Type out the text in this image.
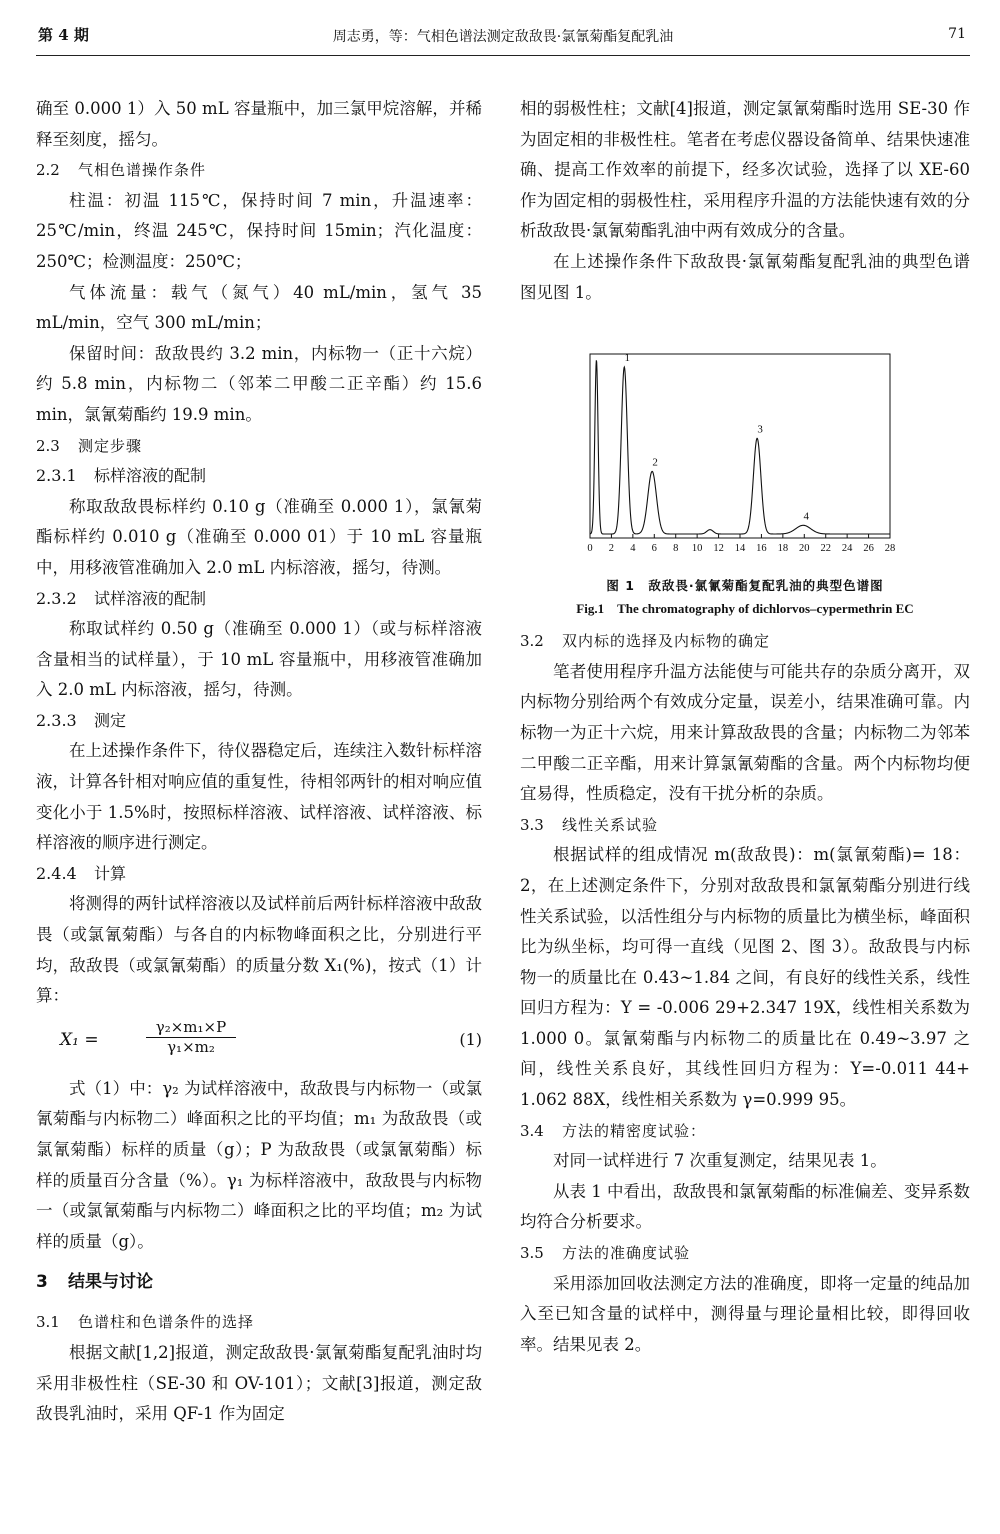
第 4 期	周志勇，等：气相色谱法测定敌敌畏·氯氰菊酯复配乳油	71
确至 0.000 1）入 50 mL 容量瓶中，加三氯甲烷溶解，并稀释至刻度，摇匀。
2.2 气相色谱操作条件
柱温：初温 115℃，保持时间 7 min，升温速率：25℃/min，终温 245℃，保持时间 15min；汽化温度：250℃；检测温度：250℃；
气体流量：载气（氮气）40 mL/min，氢气 35 mL/min，空气 300 mL/min；
保留时间：敌敌畏约 3.2 min，内标物一（正十六烷）约 5.8 min，内标物二（邻苯二甲酸二正辛酯）约 15.6 min，氯氰菊酯约 19.9 min。
2.3 测定步骤
2.3.1 标样溶液的配制
称取敌敌畏标样约 0.10 g（准确至 0.000 1），氯氰菊酯标样约 0.010 g（准确至 0.000 01）于 10 mL 容量瓶中，用移液管准确加入 2.0 mL 内标溶液，摇匀，待测。
2.3.2 试样溶液的配制
称取试样约 0.50 g（准确至 0.000 1）（或与标样溶液含量相当的试样量），于 10 mL 容量瓶中，用移液管准确加入 2.0 mL 内标溶液，摇匀，待测。
2.3.3 测定
在上述操作条件下，待仪器稳定后，连续注入数针标样溶液，计算各针相对响应值的重复性，待相邻两针的相对响应值变化小于 1.5%时，按照标样溶液、试样溶液、试样溶液、标样溶液的顺序进行测定。
2.4.4 计算
将测得的两针试样溶液以及试样前后两针标样溶液中敌敌畏（或氯氰菊酯）与各自的内标物峰面积之比，分别进行平均，敌敌畏（或氯氰菊酯）的质量分数 X₁(%)，按式（1）计算：
X₁ =	$\frac{\text{γ₂×m₁×P}}{\text{γ₁×m₂}}$	(1)
式（1）中：γ₂ 为试样溶液中，敌敌畏与内标物一（或氯氰菊酯与内标物二）峰面积之比的平均值；m₁ 为敌敌畏（或氯氰菊酯）标样的质量（g）；P 为敌敌畏（或氯氰菊酯）标样的质量百分含量（%）。γ₁ 为标样溶液中，敌敌畏与内标物一（或氯氰菊酯与内标物二）峰面积之比的平均值；m₂ 为试样的质量（g）。
3 结果与讨论
3.1 色谱柱和色谱条件的选择
根据文献[1,2]报道，测定敌敌畏·氯氰菊酯复配乳油时均采用非极性柱（SE-30 和 OV-101）；文献[3]报道，测定敌敌畏乳油时，采用 QF-1 作为固定
相的弱极性柱；文献[4]报道，测定氯氰菊酯时选用 SE-30 作为固定相的非极性柱。笔者在考虑仪器设备简单、结果快速准确、提高工作效率的前提下，经多次试验，选择了以 XE-60 作为固定相的弱极性柱，采用程序升温的方法能快速有效的分析敌敌畏·氯氰菊酯乳油中两有效成分的含量。
在上述操作条件下敌敌畏·氯氰菊酯复配乳油的典型色谱图见图 1。
0 2 4 6 8 10 12 14 16 18 20 22 24 26 28
1
2
3
4
图 1　敌敌畏·氯氰菊酯复配乳油的典型色谱图
Fig.1　The chromatography of dichlorvos–cypermethrin EC
3.2 双内标的选择及内标物的确定
笔者使用程序升温方法能使与可能共存的杂质分离开，双内标物分别给两个有效成分定量，误差小，结果准确可靠。内标物一为正十六烷，用来计算敌敌畏的含量；内标物二为邻苯二甲酸二正辛酯，用来计算氯氰菊酯的含量。两个内标物均便宜易得，性质稳定，没有干扰分析的杂质。
3.3 线性关系试验
根据试样的组成情况 m(敌敌畏)：m(氯氰菊酯)= 18：2，在上述测定条件下，分别对敌敌畏和氯氰菊酯分别进行线性关系试验，以活性组分与内标物的质量比为横坐标，峰面积比为纵坐标，均可得一直线（见图 2、图 3）。敌敌畏与内标物一的质量比在 0.43~1.84 之间，有良好的线性关系，线性回归方程为：Y = -0.006 29+2.347 19X，线性相关系数为 1.000 0。氯氰菊酯与内标物二的质量比在 0.49~3.97 之间，线性关系良好，其线性回归方程为：Y=-0.011 44+ 1.062 88X，线性相关系数为 γ=0.999 95。
3.4 方法的精密度试验：
对同一试样进行 7 次重复测定，结果见表 1。
从表 1 中看出，敌敌畏和氯氰菊酯的标准偏差、变异系数均符合分析要求。
3.5 方法的准确度试验
采用添加回收法测定方法的准确度，即将一定量的纯品加入至已知含量的试样中，测得量与理论量相比较，即得回收率。结果见表 2。
